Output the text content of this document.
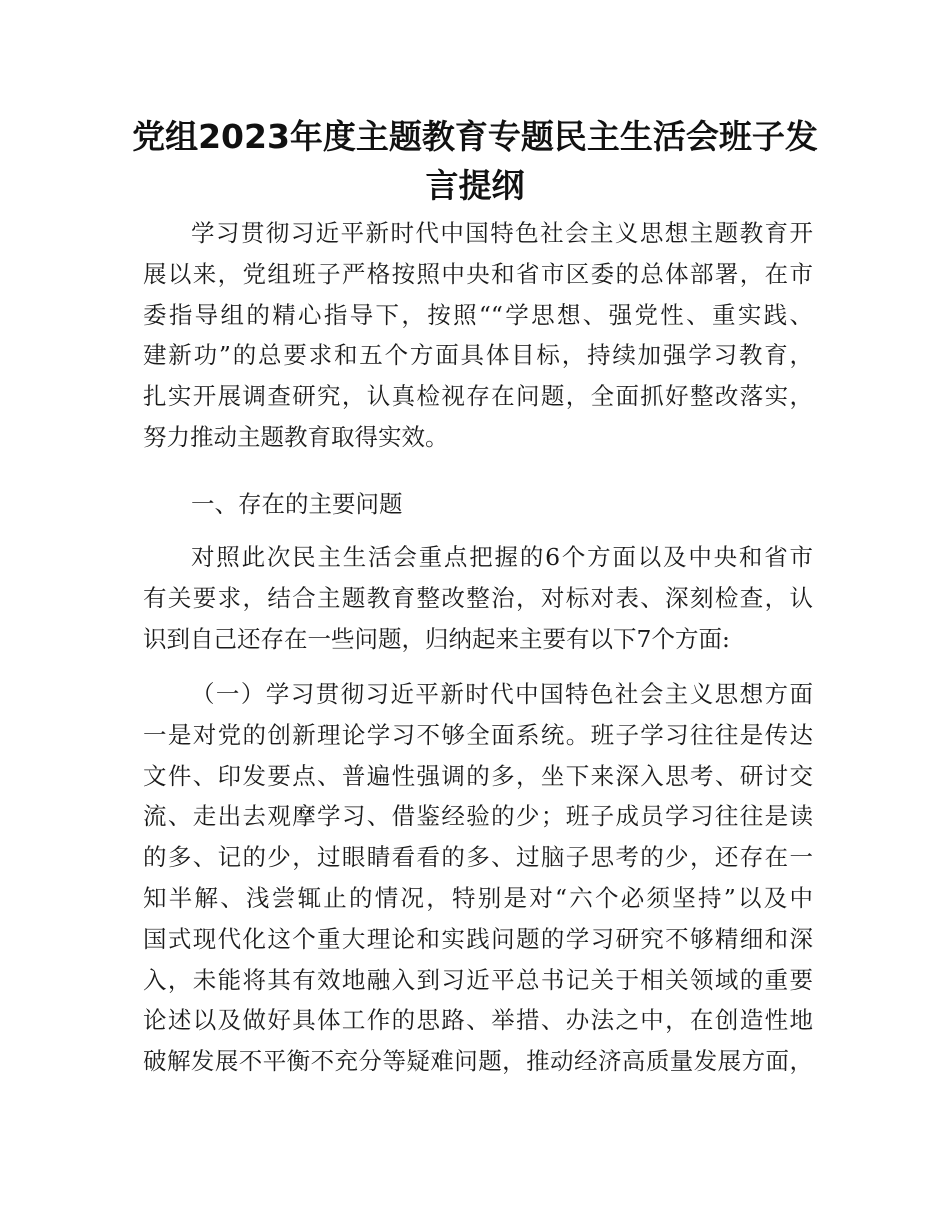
党组2023年度主题教育专题民主生活会班子发
言提纲
学习贯彻习近平新时代中国特色社会主义思想主题教育开
展以来，党组班子严格按照中央和省市区委的总体部署，在市
委指导组的精心指导下，按照““学思想、强党性、重实践、
建新功”的总要求和五个方面具体目标，持续加强学习教育，
扎实开展调查研究，认真检视存在问题，全面抓好整改落实，
努力推动主题教育取得实效。
一、存在的主要问题
对照此次民主生活会重点把握的6个方面以及中央和省市
有关要求，结合主题教育整改整治，对标对表、深刻检查，认
识到自己还存在一些问题，归纳起来主要有以下7个方面:
（一）学习贯彻习近平新时代中国特色社会主义思想方面
一是对党的创新理论学习不够全面系统。班子学习往往是传达
文件、印发要点、普遍性强调的多，坐下来深入思考、研讨交
流、走出去观摩学习、借鉴经验的少；班子成员学习往往是读
的多、记的少，过眼睛看看的多、过脑子思考的少，还存在一
知半解、浅尝辄止的情况，特别是对“六个必须坚持”以及中
国式现代化这个重大理论和实践问题的学习研究不够精细和深
入，未能将其有效地融入到习近平总书记关于相关领域的重要
论述以及做好具体工作的思路、举措、办法之中，在创造性地
破解发展不平衡不充分等疑难问题，推动经济高质量发展方面，
